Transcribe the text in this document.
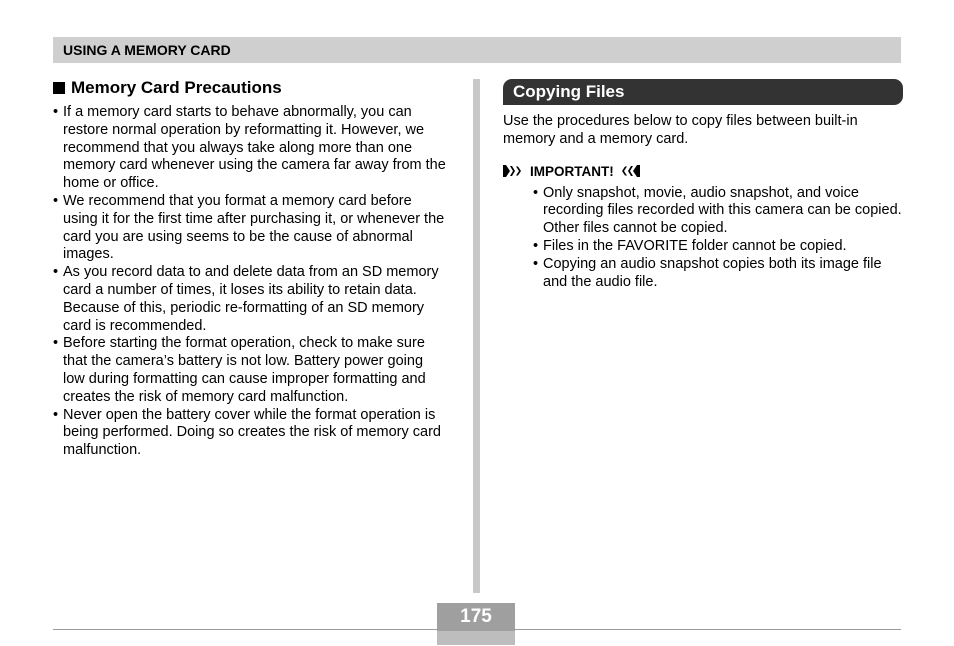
USING A MEMORY CARD
Memory Card Precautions
• If a memory card starts to behave abnormally, you can restore normal operation by reformatting it. However, we recommend that you always take along more than one memory card whenever using the camera far away from the home or office.
• We recommend that you format a memory card before using it for the first time after purchasing it, or whenever the card you are using seems to be the cause of abnormal images.
• As you record data to and delete data from an SD memory card a number of times, it loses its ability to retain data. Because of this, periodic re-formatting of an SD memory card is recommended.
• Before starting the format operation, check to make sure that the camera’s battery is not low. Battery power going low during formatting can cause improper formatting and creates the risk of memory card malfunction.
• Never open the battery cover while the format operation is being performed. Doing so creates the risk of memory card malfunction.
Copying Files

Use the procedures below to copy files between built-in memory and a memory card.

IMPORTANT!
• Only snapshot, movie, audio snapshot, and voice recording files recorded with this camera can be copied. Other files cannot be copied.
• Files in the FAVORITE folder cannot be copied.
• Copying an audio snapshot copies both its image file and the audio file.
175
